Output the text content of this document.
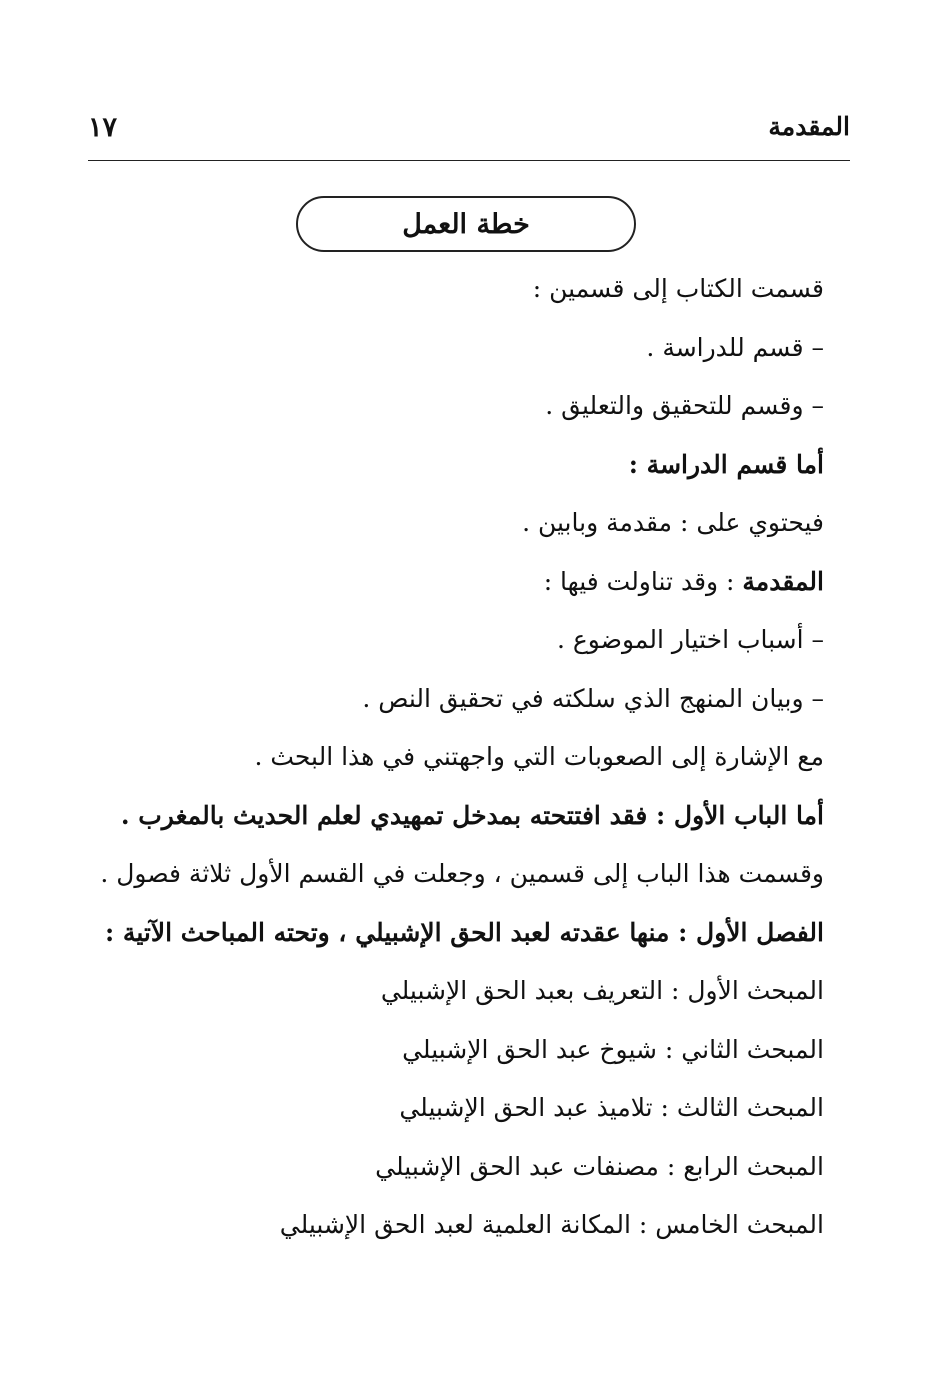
المقدمة
١٧
خطة العمل
قسمت الكتاب إلى قسمين :
– قسم للدراسة .
– وقسم للتحقيق والتعليق .
أما قسم الدراسة :
فيحتوي على : مقدمة وبابين .
المقدمة : وقد تناولت فيها :
– أسباب اختيار الموضوع .
– وبيان المنهج الذي سلكته في تحقيق النص .
مع الإشارة إلى الصعوبات التي واجهتني في هذا البحث .
أما الباب الأول : فقد افتتحته بمدخل تمهيدي لعلم الحديث بالمغرب .
وقسمت هذا الباب إلى قسمين ، وجعلت في القسم الأول ثلاثة فصول .
الفصل الأول : منها عقدته لعبد الحق الإشبيلي ، وتحته المباحث الآتية :
المبحث الأول : التعريف بعبد الحق الإشبيلي
المبحث الثاني : شيوخ عبد الحق الإشبيلي
المبحث الثالث : تلاميذ عبد الحق الإشبيلي
المبحث الرابع : مصنفات عبد الحق الإشبيلي
المبحث الخامس : المكانة العلمية لعبد الحق الإشبيلي
